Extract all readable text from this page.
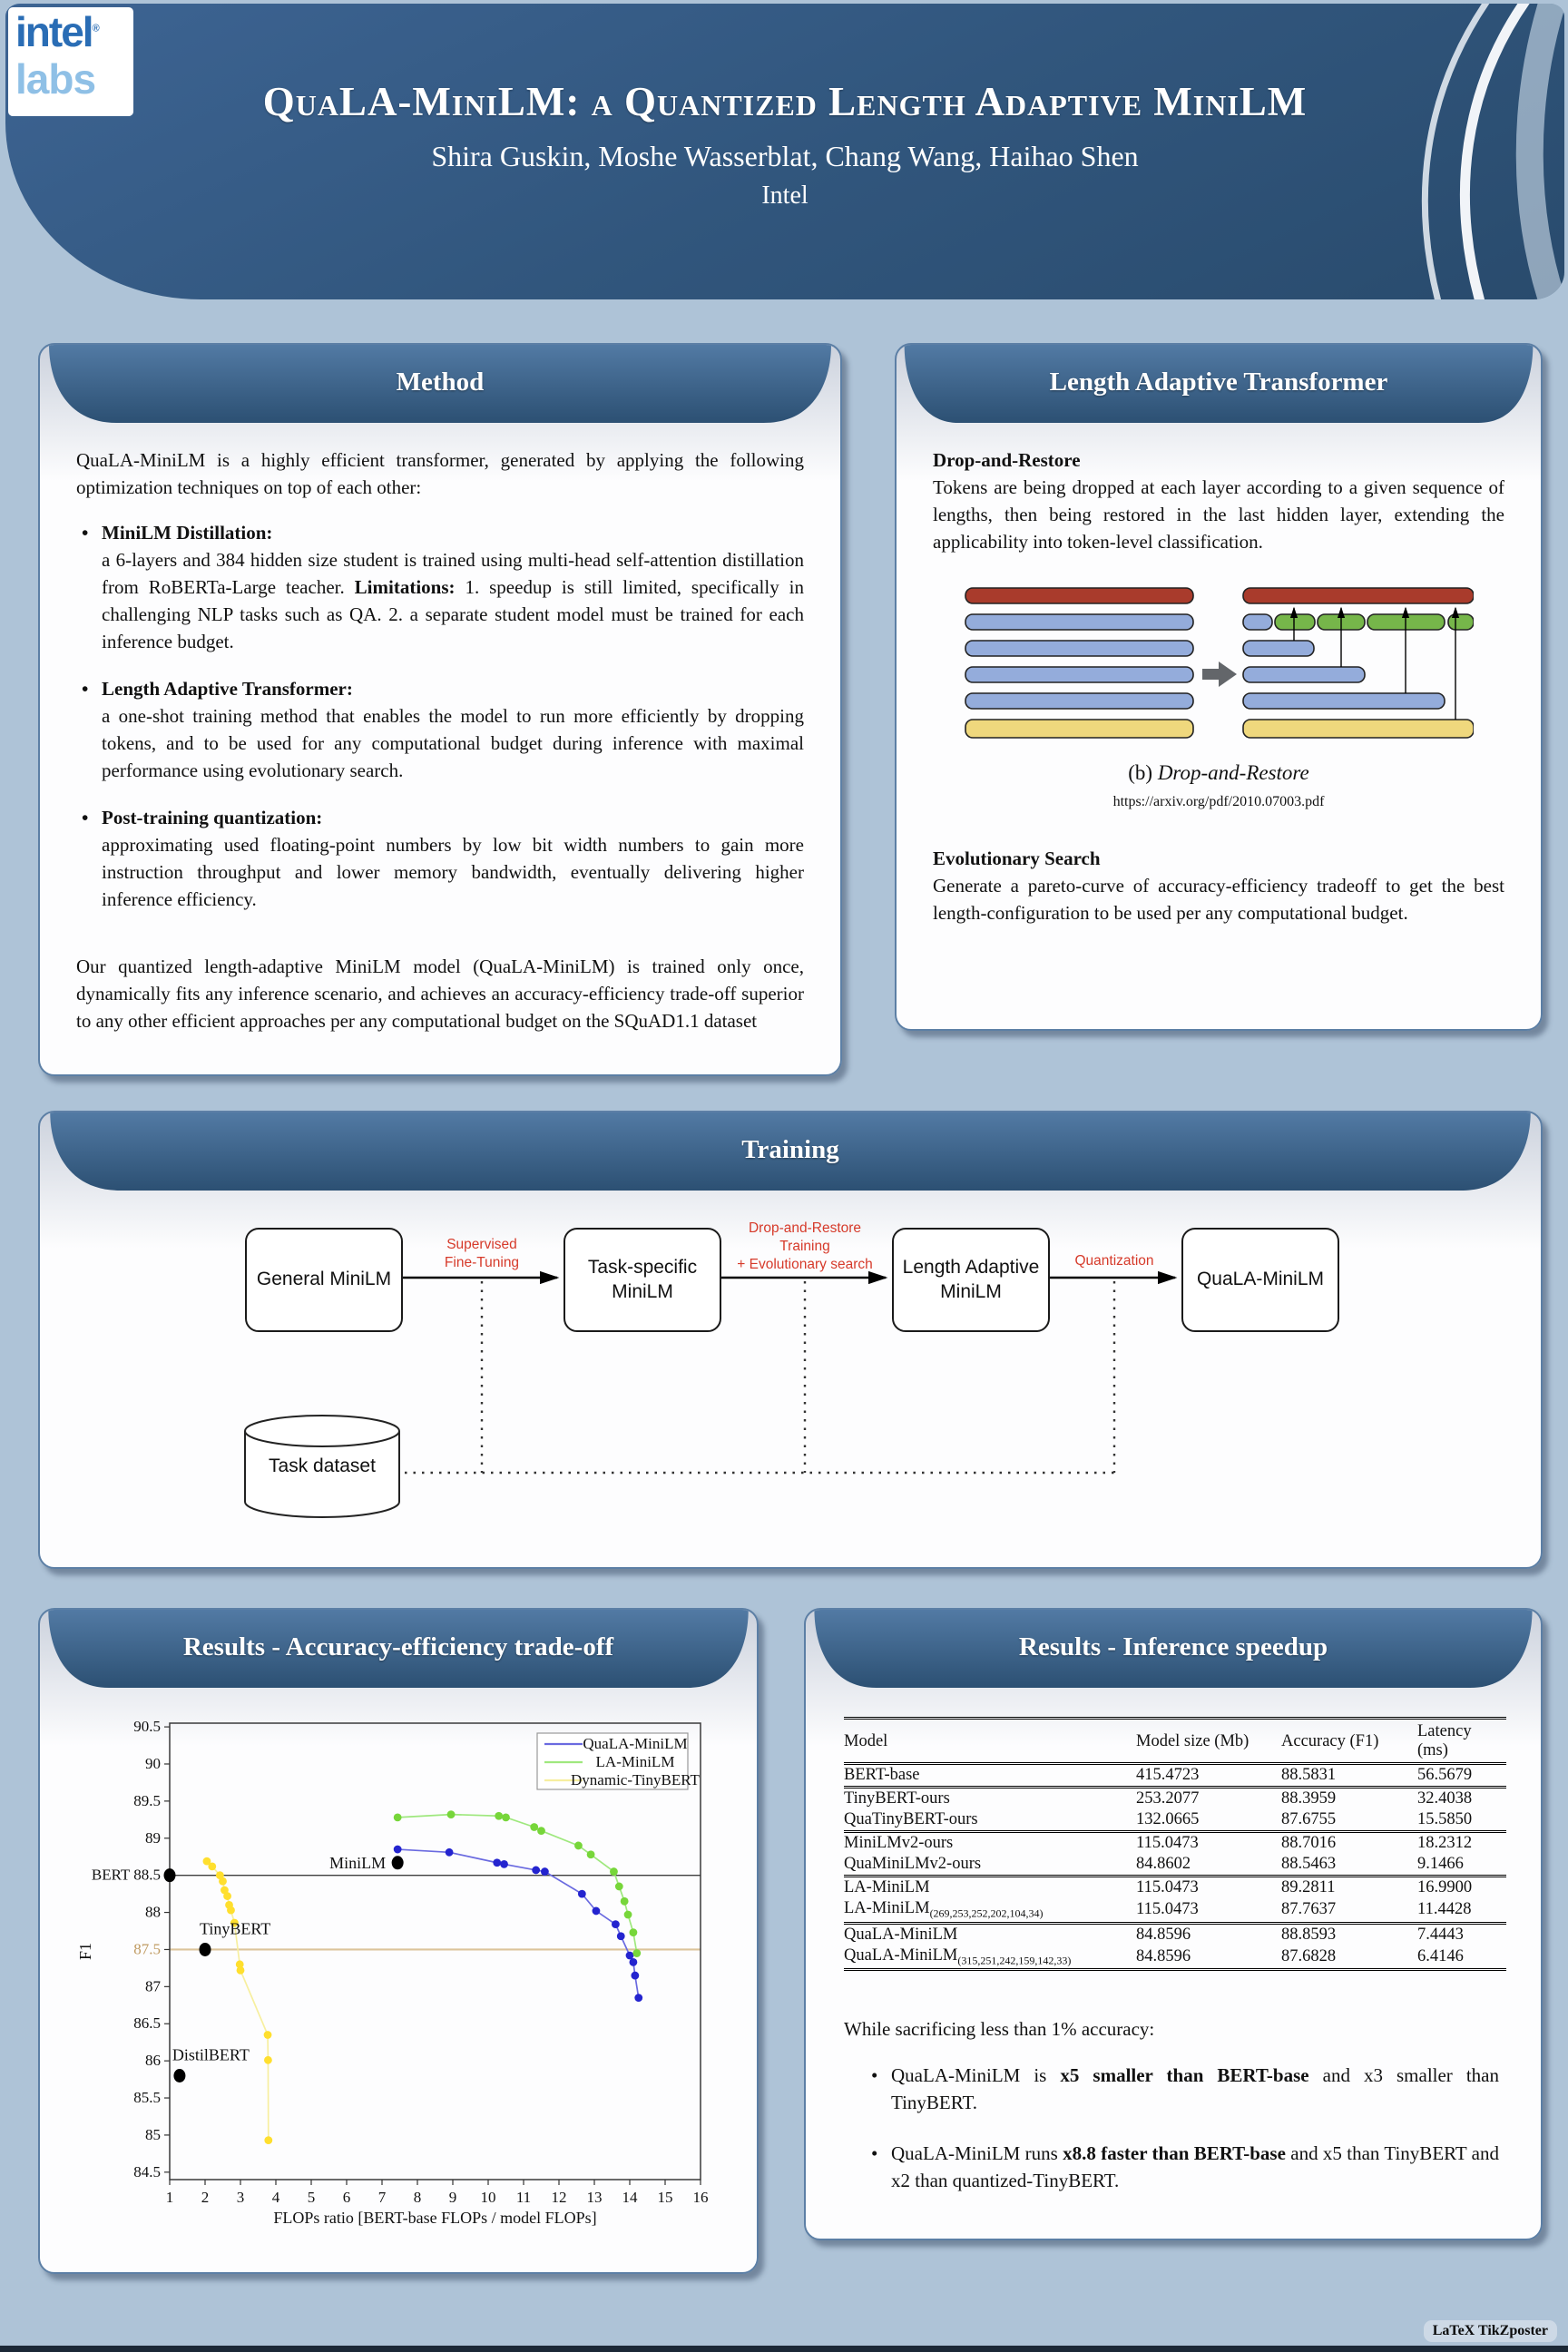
QuaLA-MiniLM: a Quantized Length Adaptive MiniLM
Shira Guskin, Moshe Wasserblat, Chang Wang, Haihao Shen
Intel
intel®
labs
Method
QuaLA-MiniLM is a highly efficient transformer, generated by applying the following optimization techniques on top of each other:
• MiniLM Distillation:
a 6-layers and 384 hidden size student is trained using multi-head self-attention distillation from RoBERTa-Large teacher. Limitations: 1. speedup is still limited, specifically in challenging NLP tasks such as QA. 2. a separate student model must be trained for each inference budget.
• Length Adaptive Transformer:
a one-shot training method that enables the model to run more efficiently by dropping tokens, and to be used for any computational budget during inference with maximal performance using evolutionary search.
• Post-training quantization:
approximating used floating-point numbers by low bit width numbers to gain more instruction throughput and lower memory bandwidth, eventually delivering higher inference efficiency.
Our quantized length-adaptive MiniLM model (QuaLA-MiniLM) is trained only once, dynamically fits any inference scenario, and achieves an accuracy-efficiency trade-off superior to any other efficient approaches per any computational budget on the SQuAD1.1 dataset
Length Adaptive Transformer

Drop-and-Restore

Tokens are being dropped at each layer according to a given sequence of lengths, then being restored in the last hidden layer, extending the applicability into token-level classification.
(b) Drop-and-Restore
https://arxiv.org/pdf/2010.07003.pdf

Evolutionary Search

Generate a pareto-curve of accuracy-efficiency tradeoff to get the best length-configuration to be used per any computational budget.
Training
General MiniLM
Task-specific MiniLM
Length Adaptive MiniLM
QuaLA-MiniLM
Supervised
Fine-Tuning
Drop-and-Restore
Training
+ Evolutionary search	Quantization
Task dataset
Results - Accuracy-efficiency trade-off
84.5
85
85.5
86
86.5
87
87.5
88
BERT 88.5
89
89.5
90
90.5
1 2 3 4 5 6 7 8 9 10 11 12 13 14 15 16
TinyBERT
MiniLM
DistilBERT
QuaLA-MiniLM
LA-MiniLM
Dynamic-TinyBERT
FLOPs ratio [BERT-base FLOPs / model FLOPs]
F1
Results - Inference speedup
Model	Model size (Mb)	Accuracy (F1)	Latency (ms)
BERT-base	415.4723	88.5831	56.5679
TinyBERT-ours	253.2077	88.3959	32.4038
QuaTinyBERT-ours	132.0665	87.6755	15.5850
MiniLMv2-ours	115.0473	88.7016	18.2312
QuaMiniLMv2-ours	84.8602	88.5463	9.1466
LA-MiniLM	115.0473	89.2811	16.9900
LA-MiniLM$_{(269,253,252,202,104,34)}$	115.0473	87.7637	11.4428
QuaLA-MiniLM	84.8596	88.8593	7.4443
QuaLA-MiniLM$_{(315,251,242,159,142,33)}$	84.8596	87.6828	6.4146
While sacrificing less than 1% accuracy:
• QuaLA-MiniLM is x5 smaller than BERT-base and x3 smaller than TinyBERT.
• QuaLA-MiniLM runs x8.8 faster than BERT-base and x5 than TinyBERT and x2 than quantized-TinyBERT.
LaTeX TikZposter
